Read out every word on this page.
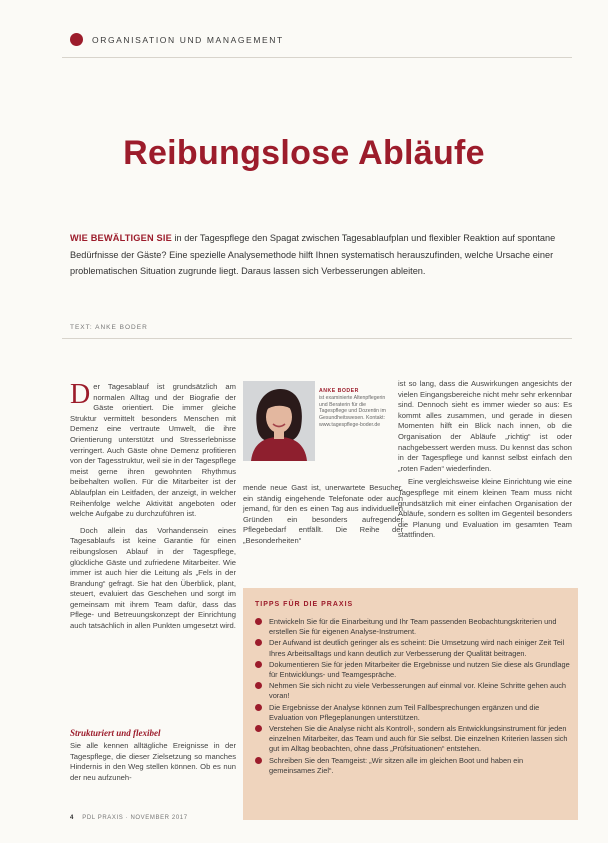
ORGANISATION UND MANAGEMENT
Reibungslose Abläufe
WIE BEWÄLTIGEN SIE in der Tagespflege den Spagat zwischen Tagesablaufplan und flexibler Reaktion auf spontane Bedürfnisse der Gäste? Eine spezielle Analysemethode hilft Ihnen systematisch herauszufinden, welche Ursache einer problematischen Situation zugrunde liegt. Daraus lassen sich Verbesserungen ableiten.
TEXT: ANKE BODER

D er Tagesablauf ist grundsätzlich am normalen Alltag und der Biografie der Gäste orientiert. Die immer gleiche Struktur vermittelt besonders Menschen mit Demenz eine vertraute Umwelt, die ihre Orientierung unterstützt und Stresserlebnisse verringert. Auch Gäste ohne Demenz profitieren von der Tagesstruktur, weil sie in der Tagespflege meist gerne ihren gewohnten Rhythmus beibehalten wollen. Für die Mitarbeiter ist der Ablaufplan ein Leitfaden, der anzeigt, in welcher Reihenfolge welche Aktivität angeboten oder welche Aufgabe zu durchzuführen ist.

Doch allein das Vorhandensein eines Tagesablaufs ist keine Garantie für einen reibungslosen Ablauf in der Tagespflege, glückliche Gäste und zufriedene Mitarbeiter. Wie immer ist auch hier die Leitung als „Fels in der Brandung“ gefragt. Sie hat den Überblick, plant, steuert, evaluiert das Geschehen und sorgt im gemeinsam mit ihrem Team dafür, dass das Pflege- und Betreuungskonzept der Einrichtung auch tatsächlich in allen Punkten umgesetzt wird.

Strukturiert und flexibel

Sie alle kennen alltägliche Ereignisse in der Tagespflege, die dieser Zielsetzung so manches Hindernis in den Weg stellen können. Ob es nun der neu aufzuneh-

ANKE BODER
ist examinierte Altenpflegerin und Beraterin für die Tagespflege und Dozentin im Gesundheitswesen. Kontakt: www.tagespflege-boder.de

mende neue Gast ist, unerwartete Besucher, ein ständig eingehende Telefonate oder auch jemand, für den es einen Tag aus individuellen Gründen ein besonders aufregender Pflegebedarf entfällt. Die Reihe der „Besonderheiten“

ist so lang, dass die Auswirkungen angesichts der vielen Eingangsbereiche nicht mehr sehr erkennbar sind. Dennoch sieht es immer wieder so aus: Es kommt alles zusammen, und gerade in diesen Momenten hilft ein Blick nach innen, ob die Organisation der Abläufe „richtig“ ist oder nachgebessert werden muss. Du kennst das schon in der Tagespflege und kannst selbst einfach den „roten Faden“ wiederfinden.

Eine vergleichsweise kleine Einrichtung wie eine Tagespflege mit einem kleinen Team muss nicht grundsätzlich mit einer einfachen Organisation der Abläufe, sondern es sollten im Gegenteil besonders die Planung und Evaluation im gesamten Team stattfinden.

TIPPS FÜR DIE PRAXIS
Entwickeln Sie für die Einarbeitung und Ihr Team passenden Beobachtungskriterien und erstellen Sie für eigenen Analyse-Instrument.
Der Aufwand ist deutlich geringer als es scheint: Die Umsetzung wird nach einiger Zeit Teil Ihres Arbeitsalltags und kann deutlich zur Verbesserung der Qualität beitragen.
Dokumentieren Sie für jeden Mitarbeiter die Ergebnisse und nutzen Sie diese als Grundlage für Entwicklungs- und Teamgespräche.
Nehmen Sie sich nicht zu viele Verbesserungen auf einmal vor. Kleine Schritte gehen auch voran!
Die Ergebnisse der Analyse können zum Teil Fallbesprechungen ergänzen und die Evaluation von Pflegeplanungen unterstützen.
Verstehen Sie die Analyse nicht als Kontroll-, sondern als Entwicklungsinstrument für jeden einzelnen Mitarbeiter, das Team und auch für Sie selbst. Die einzelnen Kriterien lassen sich gut im Alltag beobachten, ohne dass „Prüfsituationen“ entstehen.
Schreiben Sie den Teamgeist: „Wir sitzen alle im gleichen Boot und haben ein gemeinsames Ziel“.
4 PDL PRAXIS · NOVEMBER 2017
